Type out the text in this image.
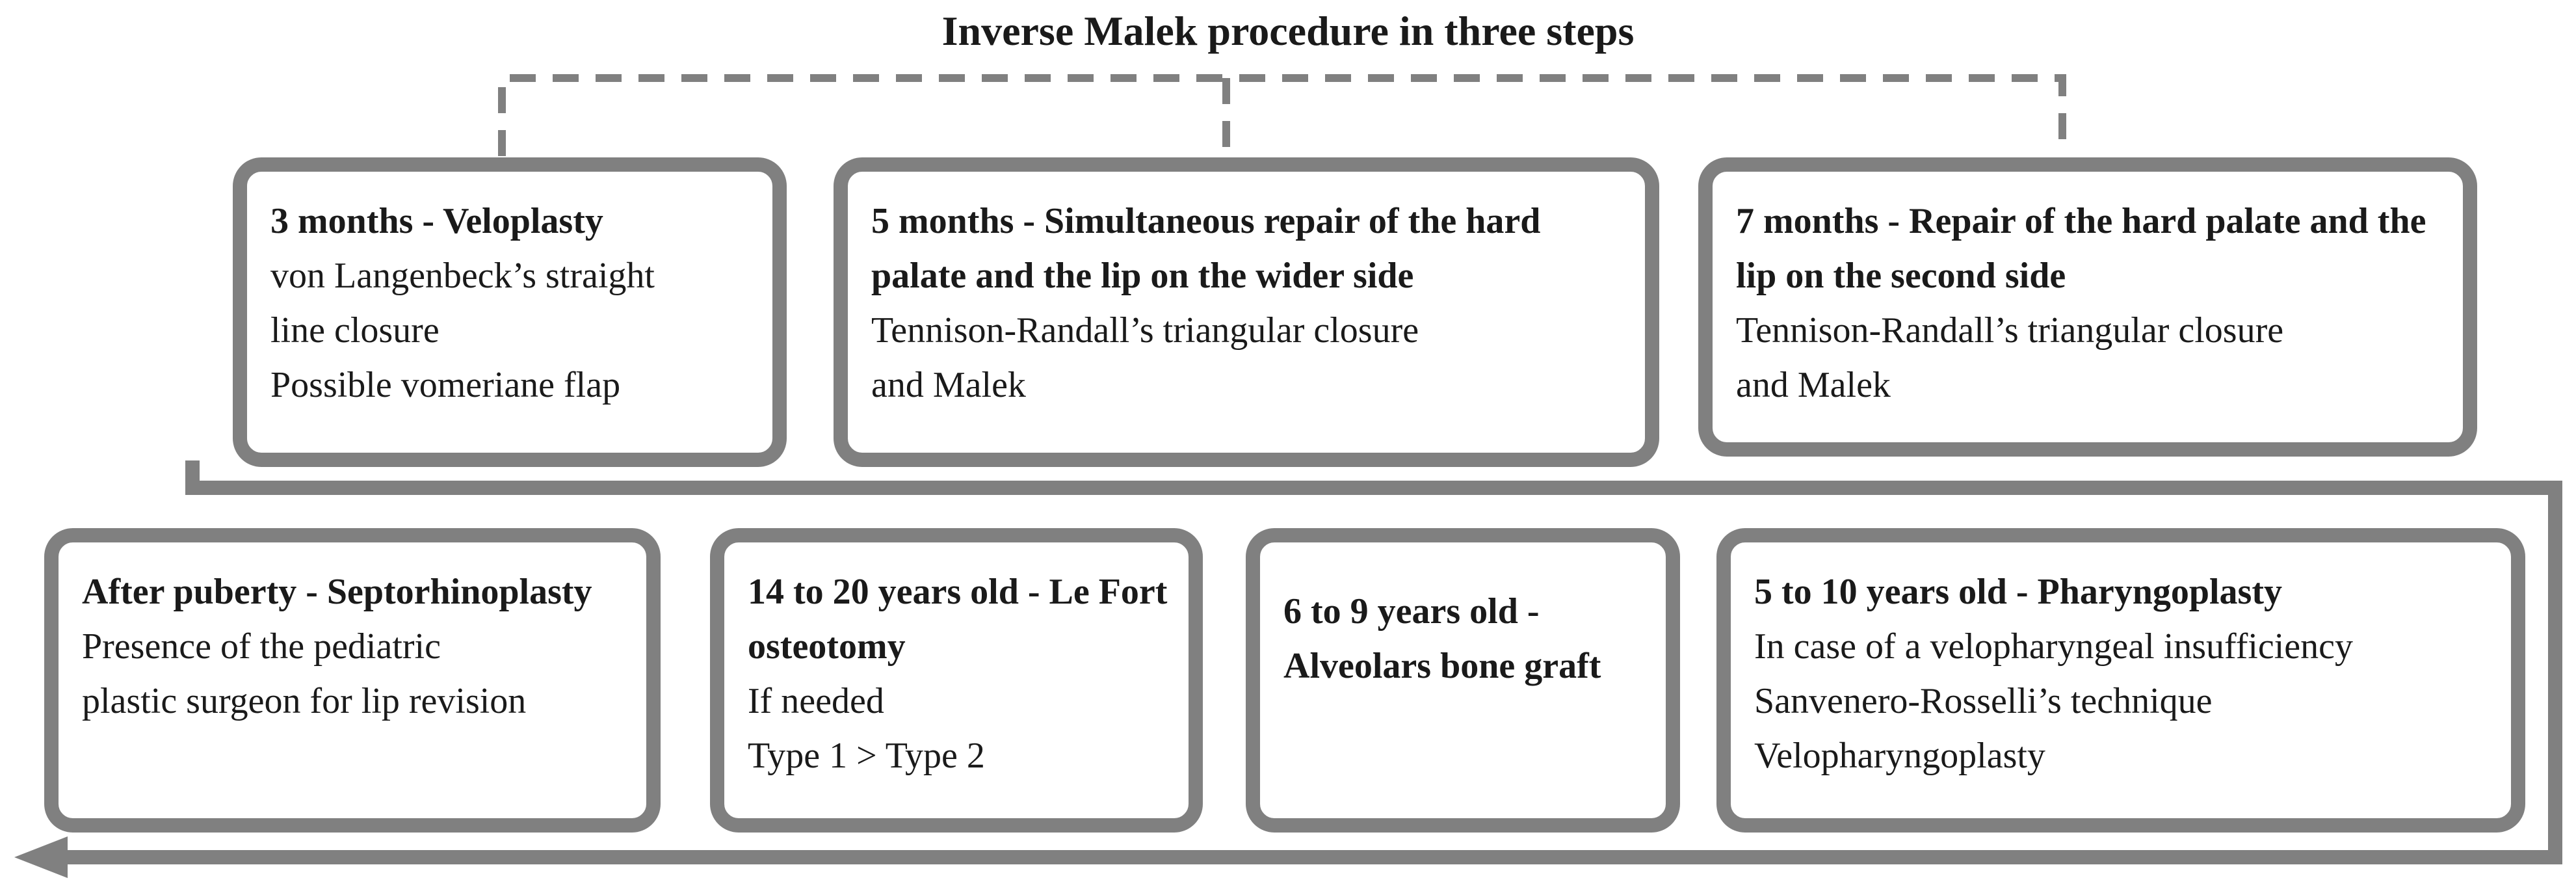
Inverse Malek procedure in three steps
3 months - Veloplasty
von Langenbeck’s straight
line closure
Possible vomeriane flap
5 months - Simultaneous repair of the hard palate and the lip on the wider side
Tennison-Randall’s triangular closure
and Malek
7 months - Repair of the hard palate and the lip on the second side
Tennison-Randall’s triangular closure
and Malek
After puberty - Septorhinoplasty
Presence of the pediatric
plastic surgeon for lip revision
14 to 20 years old - Le Fort osteotomy
If needed
Type 1 > Type 2
6 to 9 years old - Alveolars bone graft
5 to 10 years old - Pharyngoplasty
In case of a velopharyngeal insufficiency
Sanvenero-Rosselli’s technique
Velopharyngoplasty
